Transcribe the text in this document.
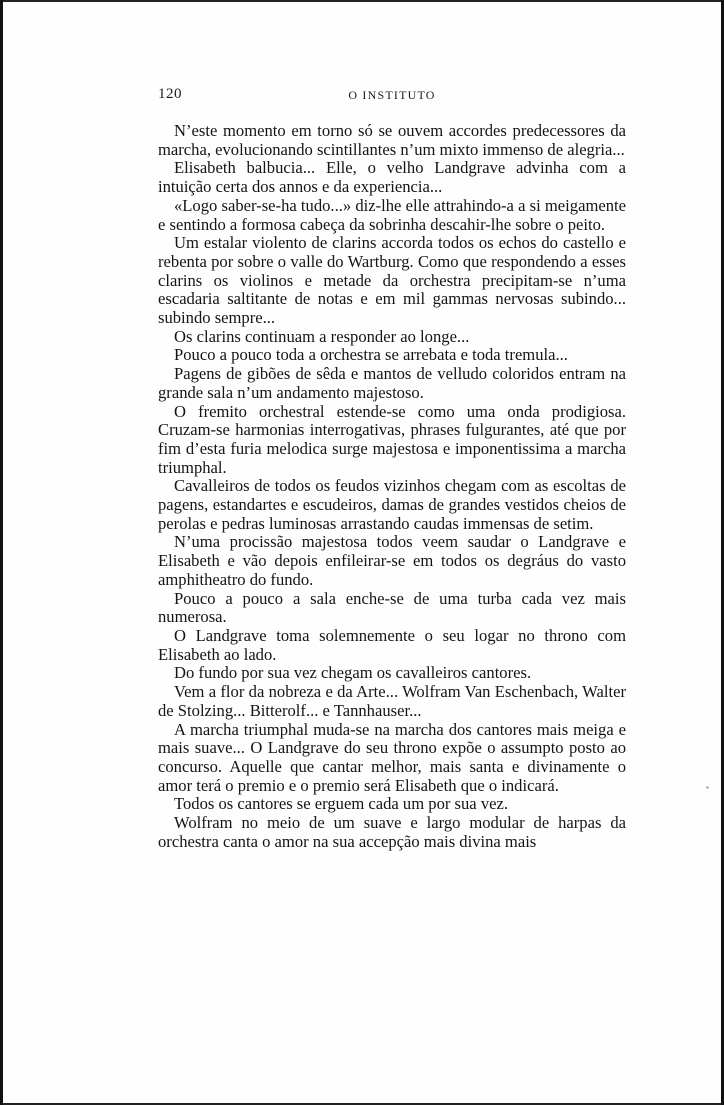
120	O INSTITUTO

N’este momento em torno só se ouvem accordes predecessores da marcha, evolucionando scintillantes n’um mixto immenso de alegria...

Elisabeth balbucia... Elle, o velho Landgrave advinha com a intuição certa dos annos e da experiencia...

«Logo saber-se-ha tudo...» diz-lhe elle attrahindo-a a si meigamente e sentindo a formosa cabeça da sobrinha descahir-lhe sobre o peito.

Um estalar violento de clarins accorda todos os echos do castello e rebenta por sobre o valle do Wartburg. Como que respondendo a esses clarins os violinos e metade da orchestra precipitam-se n’uma escadaria saltitante de notas e em mil gammas nervosas subindo... subindo sempre...

Os clarins continuam a responder ao longe...

Pouco a pouco toda a orchestra se arrebata e toda tremula...

Pagens de gibões de sêda e mantos de velludo coloridos entram na grande sala n’um andamento majestoso.

O fremito orchestral estende-se como uma onda prodigiosa. Cruzam-se harmonias interrogativas, phrases fulgurantes, até que por fim d’esta furia melodica surge majestosa e imponentissima a marcha triumphal.

Cavalleiros de todos os feudos vizinhos chegam com as escoltas de pagens, estandartes e escudeiros, damas de grandes vestidos cheios de perolas e pedras luminosas arrastando caudas immensas de setim.

N’uma procissão majestosa todos veem saudar o Landgrave e Elisabeth e vão depois enfileirar-se em todos os degráus do vasto amphitheatro do fundo.

Pouco a pouco a sala enche-se de uma turba cada vez mais numerosa.

O Landgrave toma solemnemente o seu logar no throno com Elisabeth ao lado.

Do fundo por sua vez chegam os cavalleiros cantores.

Vem a flor da nobreza e da Arte... Wolfram Van Eschenbach, Walter de Stolzing... Bitterolf... e Tannhauser...

A marcha triumphal muda-se na marcha dos cantores mais meiga e mais suave... O Landgrave do seu throno expõe o assumpto posto ao concurso. Aquelle que cantar melhor, mais santa e divinamente o amor terá o premio e o premio será Elisabeth que o indicará.

Todos os cantores se erguem cada um por sua vez.

Wolfram no meio de um suave e largo modular de harpas da orchestra canta o amor na sua accepção mais divina mais
